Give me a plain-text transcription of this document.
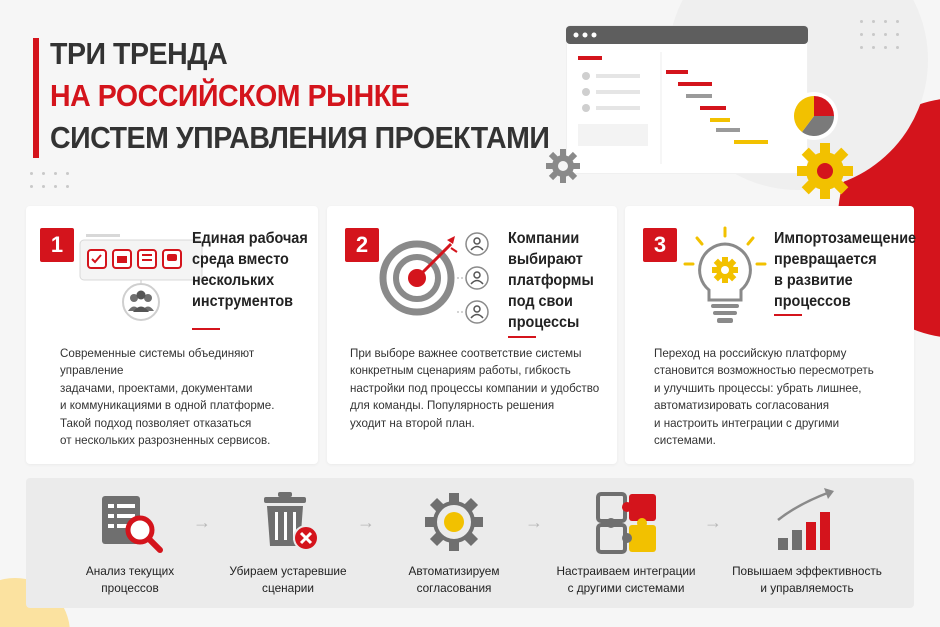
ТРИ ТРЕНДА
НА РОССИЙСКОМ РЫНКЕ
СИСТЕМ УПРАВЛЕНИЯ ПРОЕКТАМИ
1	Единая рабочая
среда вместо
нескольких
инструментов
Современные системы объединяют управление
задачами, проектами, документами
и коммуникациями в одной платформе.
Такой подход позволяет отказаться
от нескольких разрозненных сервисов.
2	Компании
выбирают
платформы
под свои
процессы
При выборе важнее соответствие системы
конкретным сценариям работы, гибкость
настройки под процессы компании и удобство
для команды. Популярность решения
уходит на второй план.
3	Импортозамещение
превращается
в развитие
процессов
Переход на российскую платформу
становится возможностью пересмотреть
и улучшить процессы: убрать лишнее,
автоматизировать согласования
и настроить интеграции с другими
системами.
Анализ текущих
процессов
→
Убираем устаревшие
сценарии
→
Автоматизируем
согласования
→
Настраиваем интеграции
с другими системами
→
Повышаем эффективность
и управляемость
